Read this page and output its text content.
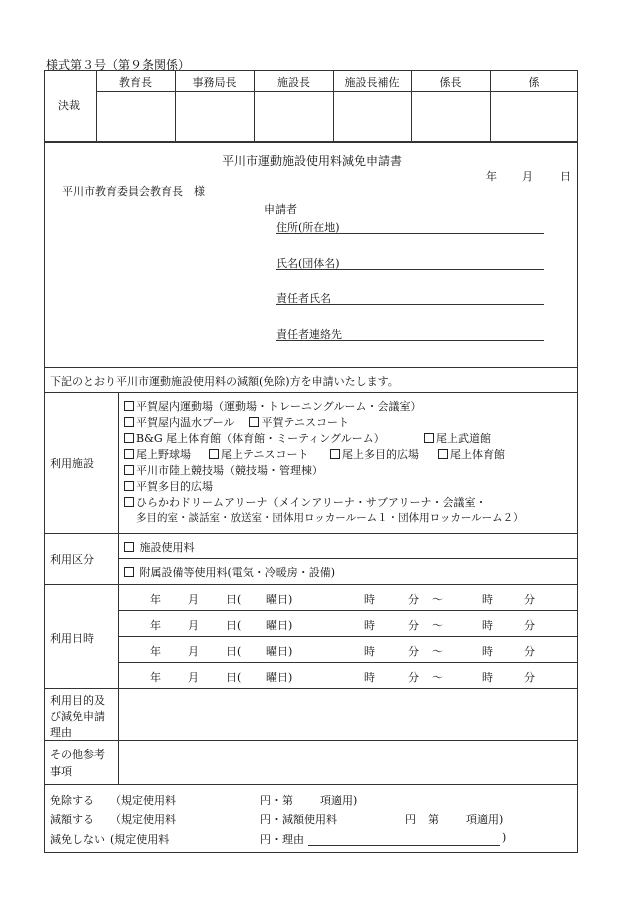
様式第３号（第９条関係）
決裁
教育長	事務局長	施設長	施設長補佐	係長	係
平川市運動施設使用料減免申請書
年 月 日
平川市教育委員会教育長　様
申請者
住所(所在地)
氏名(団体名)
責任者氏名
責任者連絡先
下記のとおり平川市運動施設使用料の減額(免除)方を申請いたします。
利用施設
平賀屋内運動場（運動場・トレーニングルーム・会議室）
平賀屋内温水プール　平賀テニスコート
B&G 尾上体育館（体育館・ミーティングルーム）	尾上武道館
尾上野球場	尾上テニスコート	尾上多目的広場	尾上体育館
平川市陸上競技場（競技場・管理棟）
平賀多目的広場
ひらかわドリームアリーナ（メインアリーナ・サブアリーナ・会議室・
多目的室・談話室・放送室・団体用ロッカールーム１・団体用ロッカールーム２）
利用区分
施設使用料
附属設備等使用料(電気・冷暖房・設備)
利用日時
年 月 日( 曜日)	時	分 〜	時	分
年 月 日( 曜日)	時	分 〜	時	分
年 月 日( 曜日)	時	分 〜	時	分
年 月 日( 曜日)	時	分 〜	時	分
利用目的及
び減免申請
理由
その他参考
事項
免除する （規定使用料	円・第 項適用)
減額する （規定使用料	円・減額使用料	円 第 項適用)
減免しない (規定使用料	円・理由	)
